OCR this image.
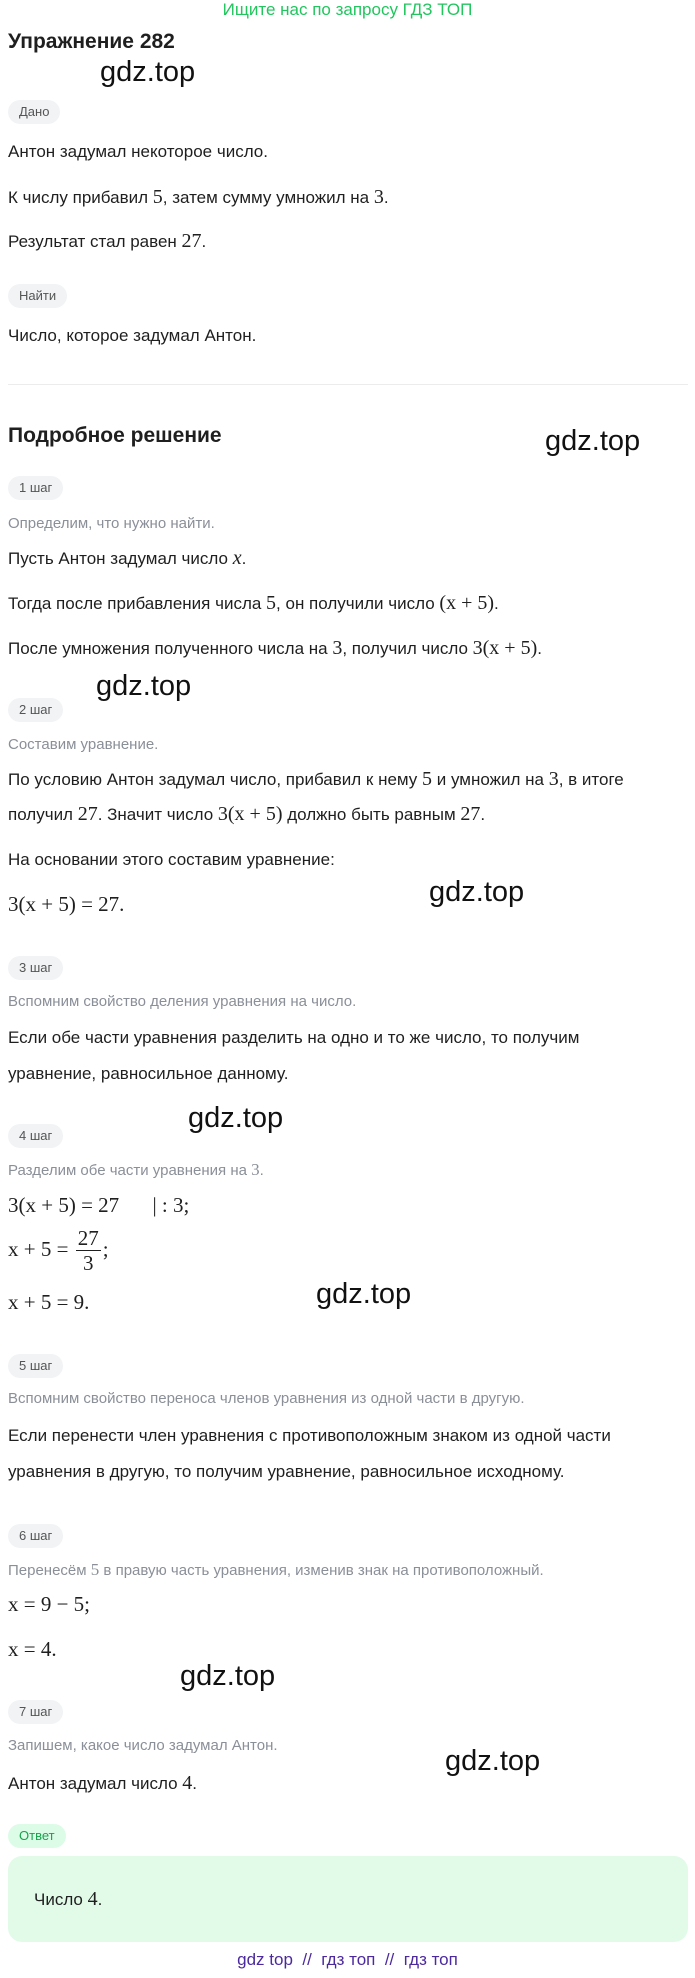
Ищите нас по запросу ГДЗ ТОП
Упражнение 282
gdz.top
gdz.top
gdz.top
gdz.top
gdz.top
gdz.top
gdz.top
gdz.top
Дано
Антон задумал некоторое число.
К числу прибавил 5, затем сумму умножил на 3.
Результат стал равен 27.
Найти
Число, которое задумал Антон.
Подробное решение
1 шаг
Определим, что нужно найти.
Пусть Антон задумал число x.
Тогда после прибавления числа 5, он получили число (x + 5).
После умножения полученного числа на 3, получил число 3(x + 5).
2 шаг
Составим уравнение.
По условию Антон задумал число, прибавил к нему 5 и умножил на 3, в итоге
получил 27. Значит число 3(x + 5) должно быть равным 27.
На основании этого составим уравнение:
3(x + 5) = 27.
3 шаг
Вспомним свойство деления уравнения на число.
Если обе части уравнения разделить на одно и то же число, то получим
уравнение, равносильное данному.
4 шаг
Разделим обе части уравнения на 3.
3(x + 5) = 27 | : 3;
$x + 5 = \frac{27}{3}$ ;
x + 5 = 9.
5 шаг
Вспомним свойство переноса членов уравнения из одной части в другую.
Если перенести член уравнения с противоположным знаком из одной части
уравнения в другую, то получим уравнение, равносильное исходному.
6 шаг
Перенесём 5 в правую часть уравнения, изменив знак на противоположный.
x = 9 − 5;
x = 4.
7 шаг
Запишем, какое число задумал Антон.
Антон задумал число 4.
Ответ
Число 4.
gdz top  //  гдз топ  //  гдз топ
